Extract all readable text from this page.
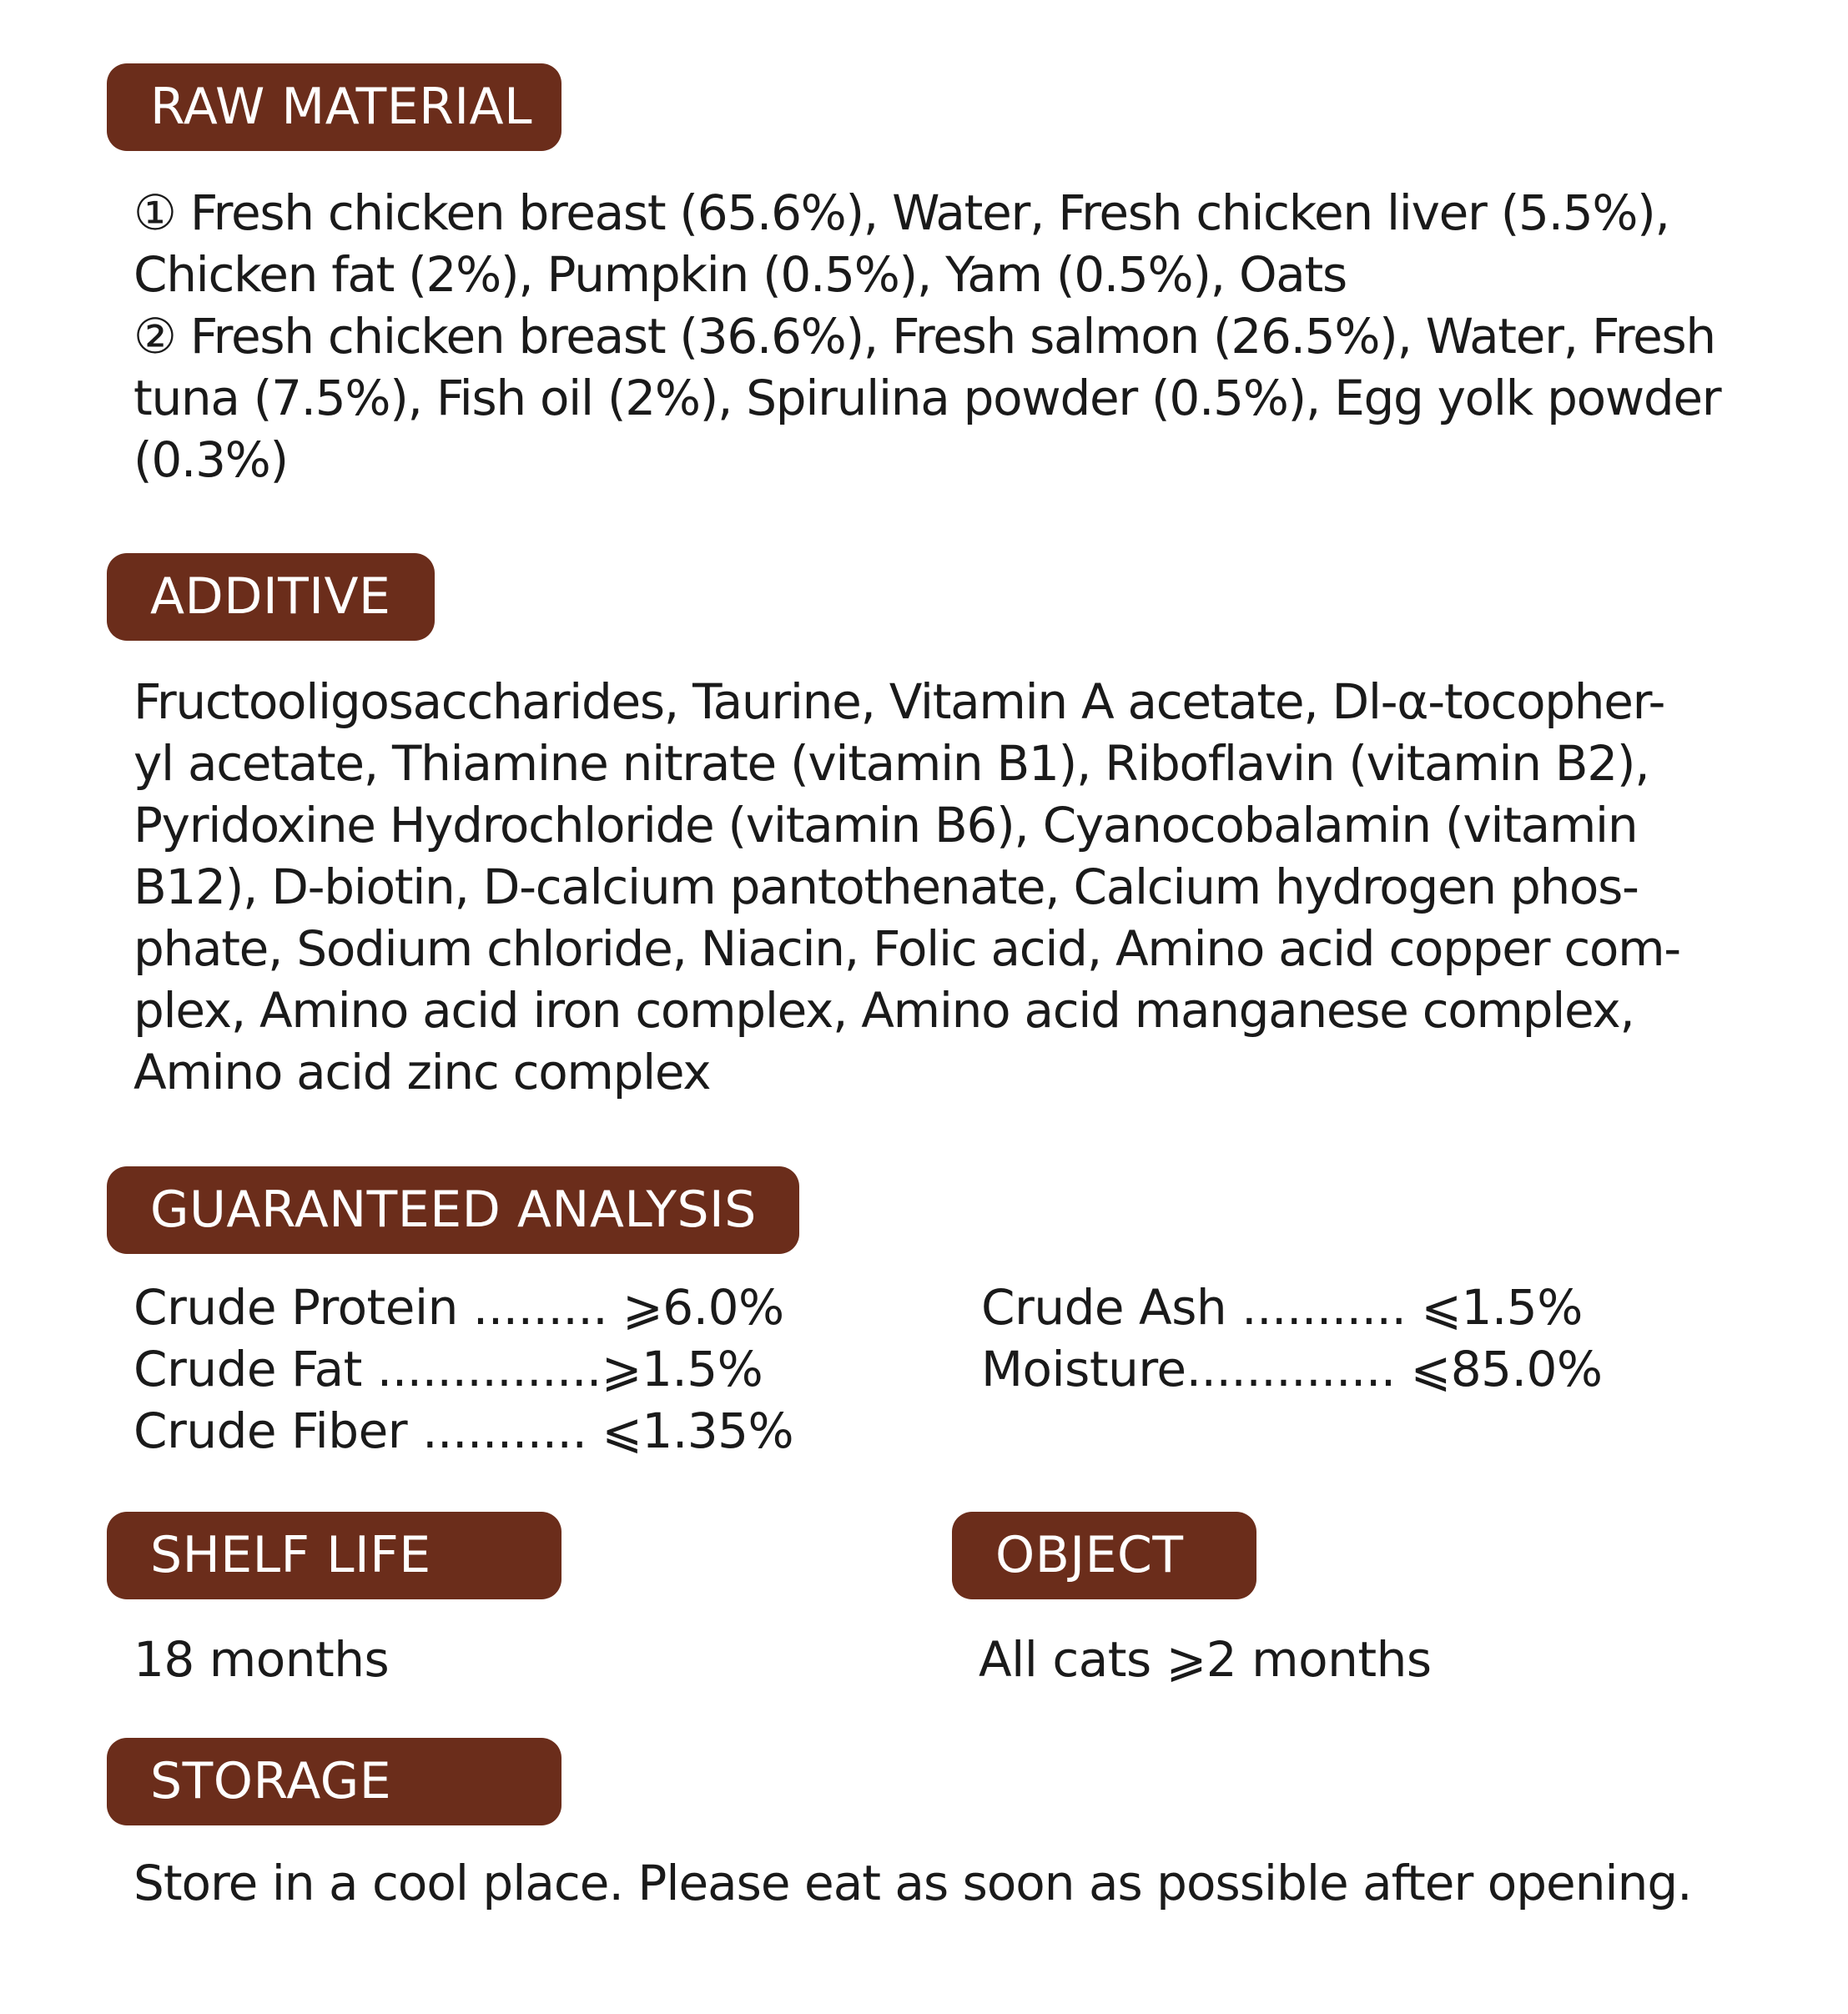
RAW MATERIAL
① Fresh chicken breast (65.6%), Water, Fresh chicken liver (5.5%),
Chicken fat (2%), Pumpkin (0.5%), Yam (0.5%), Oats
② Fresh chicken breast (36.6%), Fresh salmon (26.5%), Water, Fresh
tuna (7.5%), Fish oil (2%), Spirulina powder (0.5%), Egg yolk powder
(0.3%)
ADDITIVE
Fructooligosaccharides, Taurine, Vitamin A acetate, Dl-α-tocopher-
yl acetate, Thiamine nitrate (vitamin B1), Riboflavin (vitamin B2),
Pyridoxine Hydrochloride (vitamin B6), Cyanocobalamin (vitamin
B12), D-biotin, D-calcium pantothenate, Calcium hydrogen phos-
phate, Sodium chloride, Niacin, Folic acid, Amino acid copper com-
plex, Amino acid iron complex, Amino acid manganese complex,
Amino acid zinc complex
GUARANTEED ANALYSIS
Crude Protein ......... ⩾6.0%
Crude Fat ...............⩾1.5%
Crude Fiber ........... ⩽1.35%
Crude Ash ........... ⩽1.5%
Moisture.............. ⩽85.0%
SHELF LIFE
18 months
OBJECT
All cats ⩾2 months
STORAGE
Store in a cool place. Please eat as soon as possible after opening.
